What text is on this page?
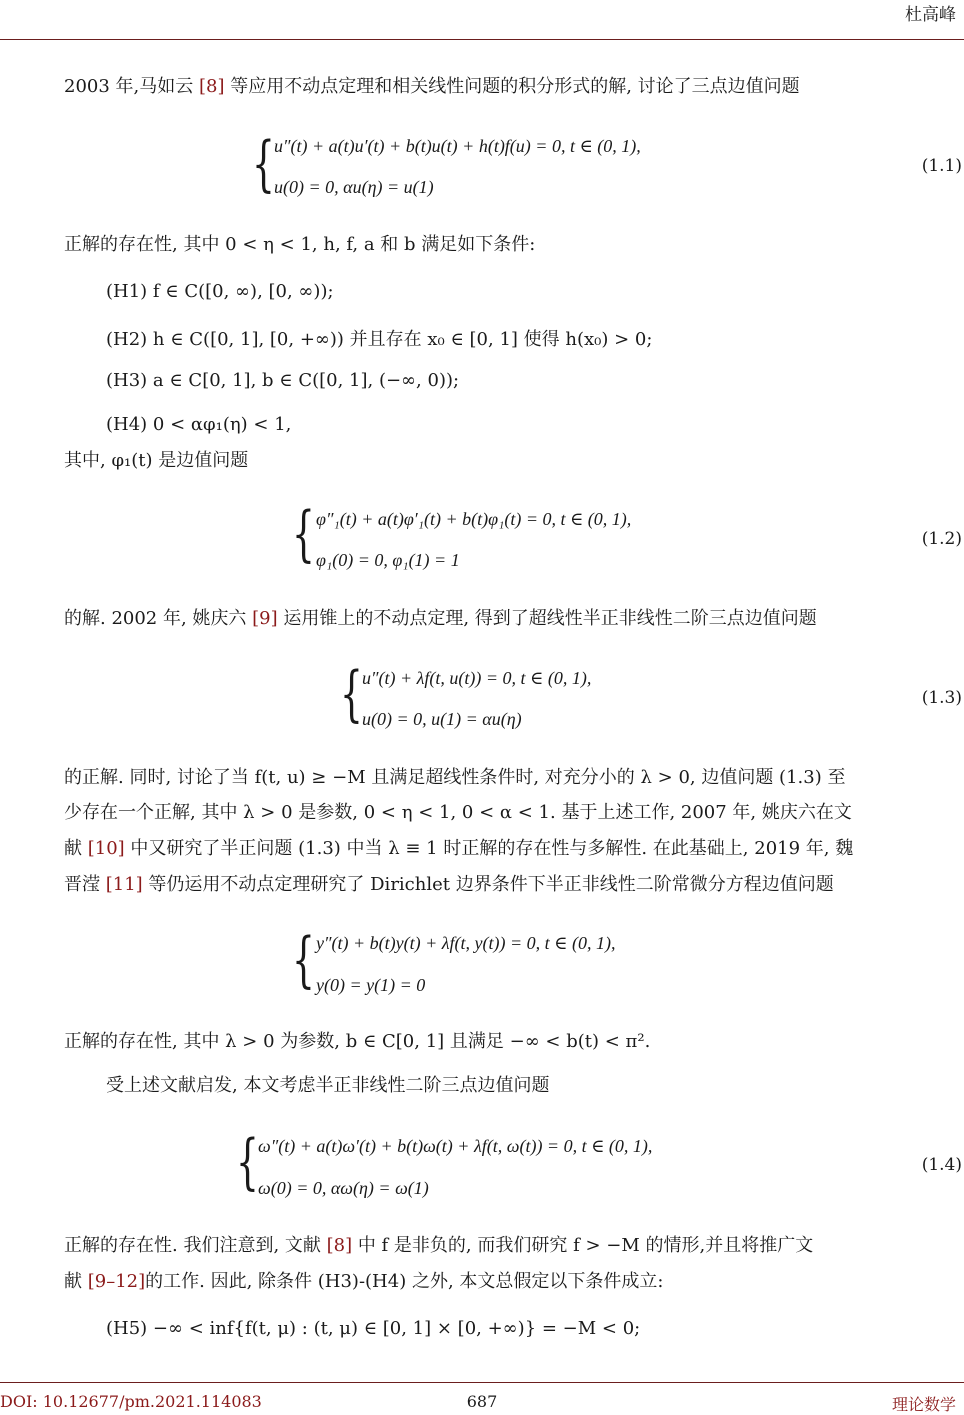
杜高峰
2003 年,马如云 [8] 等应用不动点定理和相关线性问题的积分形式的解, 讨论了三点边值问题
{ u″(t) + a(t)u′(t) + b(t)u(t) + h(t)f(u) = 0, t ∈ (0, 1),
u(0) = 0, αu(η) = u(1)
(1.1)
正解的存在性, 其中 0 < η < 1, h, f, a 和 b 满足如下条件:
(H1) f ∈ C([0, ∞), [0, ∞));
(H2) h ∈ C([0, 1], [0, +∞)) 并且存在 x₀ ∈ [0, 1] 使得 h(x₀) > 0;
(H3) a ∈ C[0, 1], b ∈ C([0, 1], (−∞, 0));
(H4) 0 < αφ₁(η) < 1,
其中, φ₁(t) 是边值问题
{ φ″₁(t) + a(t)φ′₁(t) + b(t)φ₁(t) = 0, t ∈ (0, 1),
φ₁(0) = 0, φ₁(1) = 1
(1.2)
的解. 2002 年, 姚庆六 [9] 运用锥上的不动点定理, 得到了超线性半正非线性二阶三点边值问题
{ u″(t) + λf(t, u(t)) = 0, t ∈ (0, 1),
u(0) = 0, u(1) = αu(η)
(1.3)
的正解. 同时, 讨论了当 f(t, u) ≥ −M 且满足超线性条件时, 对充分小的 λ > 0, 边值问题 (1.3) 至
少存在一个正解, 其中 λ > 0 是参数, 0 < η < 1, 0 < α < 1. 基于上述工作, 2007 年, 姚庆六在文
献 [10] 中又研究了半正问题 (1.3) 中当 λ ≡ 1 时正解的存在性与多解性. 在此基础上, 2019 年, 魏
晋滢 [11] 等仍运用不动点定理研究了 Dirichlet 边界条件下半正非线性二阶常微分方程边值问题
{ y″(t) + b(t)y(t) + λf(t, y(t)) = 0, t ∈ (0, 1),
y(0) = y(1) = 0
正解的存在性, 其中 λ > 0 为参数, b ∈ C[0, 1] 且满足 −∞ < b(t) < π².
受上述文献启发, 本文考虑半正非线性二阶三点边值问题
{ ω″(t) + a(t)ω′(t) + b(t)ω(t) + λf(t, ω(t)) = 0, t ∈ (0, 1),
ω(0) = 0, αω(η) = ω(1)
(1.4)
正解的存在性. 我们注意到, 文献 [8] 中 f 是非负的, 而我们研究 f > −M 的情形,并且将推广文
献 [9–12]的工作. 因此, 除条件 (H3)-(H4) 之外, 本文总假定以下条件成立:
(H5) −∞ < inf{f(t, μ) : (t, μ) ∈ [0, 1] × [0, +∞)} = −M < 0;
DOI: 10.12677/pm.2021.114083	687	理论数学
